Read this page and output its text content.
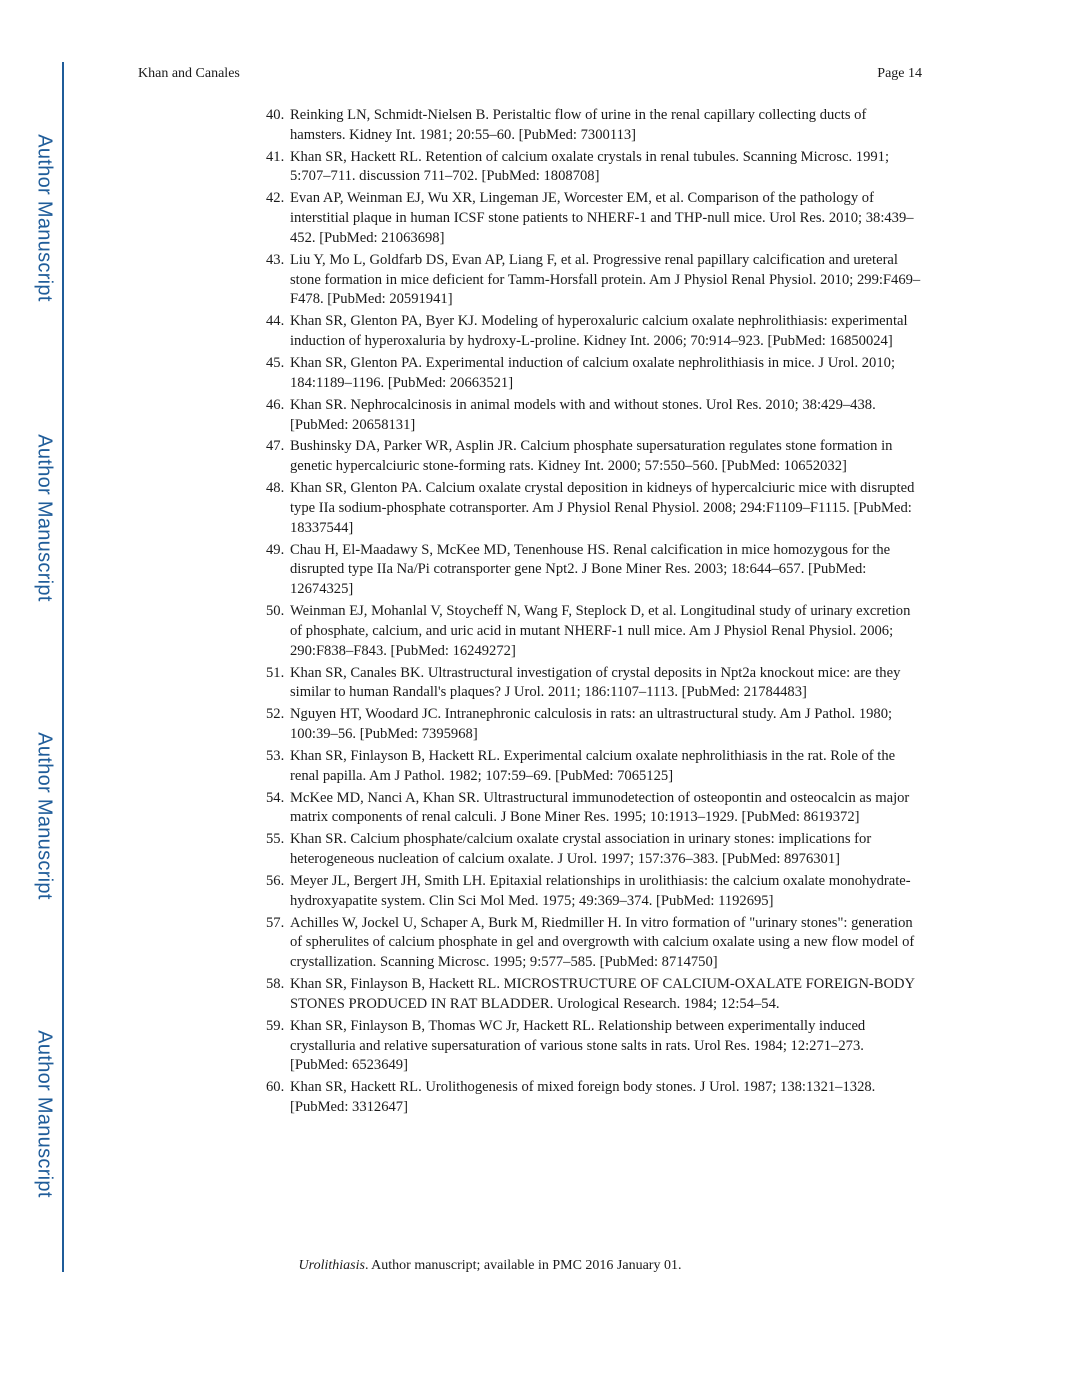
Author Manuscript
Author Manuscript
Author Manuscript
Author Manuscript
Khan and Canales	Page 14
40. Reinking LN, Schmidt-Nielsen B. Peristaltic flow of urine in the renal capillary collecting ducts of hamsters. Kidney Int. 1981; 20:55–60. [PubMed: 7300113]
41. Khan SR, Hackett RL. Retention of calcium oxalate crystals in renal tubules. Scanning Microsc. 1991; 5:707–711. discussion 711–702. [PubMed: 1808708]
42. Evan AP, Weinman EJ, Wu XR, Lingeman JE, Worcester EM, et al. Comparison of the pathology of interstitial plaque in human ICSF stone patients to NHERF-1 and THP-null mice. Urol Res. 2010; 38:439–452. [PubMed: 21063698]
43. Liu Y, Mo L, Goldfarb DS, Evan AP, Liang F, et al. Progressive renal papillary calcification and ureteral stone formation in mice deficient for Tamm-Horsfall protein. Am J Physiol Renal Physiol. 2010; 299:F469–F478. [PubMed: 20591941]
44. Khan SR, Glenton PA, Byer KJ. Modeling of hyperoxaluric calcium oxalate nephrolithiasis: experimental induction of hyperoxaluria by hydroxy-L-proline. Kidney Int. 2006; 70:914–923. [PubMed: 16850024]
45. Khan SR, Glenton PA. Experimental induction of calcium oxalate nephrolithiasis in mice. J Urol. 2010; 184:1189–1196. [PubMed: 20663521]
46. Khan SR. Nephrocalcinosis in animal models with and without stones. Urol Res. 2010; 38:429–438. [PubMed: 20658131]
47. Bushinsky DA, Parker WR, Asplin JR. Calcium phosphate supersaturation regulates stone formation in genetic hypercalciuric stone-forming rats. Kidney Int. 2000; 57:550–560. [PubMed: 10652032]
48. Khan SR, Glenton PA. Calcium oxalate crystal deposition in kidneys of hypercalciuric mice with disrupted type IIa sodium-phosphate cotransporter. Am J Physiol Renal Physiol. 2008; 294:F1109–F1115. [PubMed: 18337544]
49. Chau H, El-Maadawy S, McKee MD, Tenenhouse HS. Renal calcification in mice homozygous for the disrupted type IIa Na/Pi cotransporter gene Npt2. J Bone Miner Res. 2003; 18:644–657. [PubMed: 12674325]
50. Weinman EJ, Mohanlal V, Stoycheff N, Wang F, Steplock D, et al. Longitudinal study of urinary excretion of phosphate, calcium, and uric acid in mutant NHERF-1 null mice. Am J Physiol Renal Physiol. 2006; 290:F838–F843. [PubMed: 16249272]
51. Khan SR, Canales BK. Ultrastructural investigation of crystal deposits in Npt2a knockout mice: are they similar to human Randall's plaques? J Urol. 2011; 186:1107–1113. [PubMed: 21784483]
52. Nguyen HT, Woodard JC. Intranephronic calculosis in rats: an ultrastructural study. Am J Pathol. 1980; 100:39–56. [PubMed: 7395968]
53. Khan SR, Finlayson B, Hackett RL. Experimental calcium oxalate nephrolithiasis in the rat. Role of the renal papilla. Am J Pathol. 1982; 107:59–69. [PubMed: 7065125]
54. McKee MD, Nanci A, Khan SR. Ultrastructural immunodetection of osteopontin and osteocalcin as major matrix components of renal calculi. J Bone Miner Res. 1995; 10:1913–1929. [PubMed: 8619372]
55. Khan SR. Calcium phosphate/calcium oxalate crystal association in urinary stones: implications for heterogeneous nucleation of calcium oxalate. J Urol. 1997; 157:376–383. [PubMed: 8976301]
56. Meyer JL, Bergert JH, Smith LH. Epitaxial relationships in urolithiasis: the calcium oxalate monohydrate-hydroxyapatite system. Clin Sci Mol Med. 1975; 49:369–374. [PubMed: 1192695]
57. Achilles W, Jockel U, Schaper A, Burk M, Riedmiller H. In vitro formation of "urinary stones": generation of spherulites of calcium phosphate in gel and overgrowth with calcium oxalate using a new flow model of crystallization. Scanning Microsc. 1995; 9:577–585. [PubMed: 8714750]
58. Khan SR, Finlayson B, Hackett RL. MICROSTRUCTURE OF CALCIUM-OXALATE FOREIGN-BODY STONES PRODUCED IN RAT BLADDER. Urological Research. 1984; 12:54–54.
59. Khan SR, Finlayson B, Thomas WC Jr, Hackett RL. Relationship between experimentally induced crystalluria and relative supersaturation of various stone salts in rats. Urol Res. 1984; 12:271–273. [PubMed: 6523649]
60. Khan SR, Hackett RL. Urolithogenesis of mixed foreign body stones. J Urol. 1987; 138:1321–1328. [PubMed: 3312647]
Urolithiasis. Author manuscript; available in PMC 2016 January 01.
